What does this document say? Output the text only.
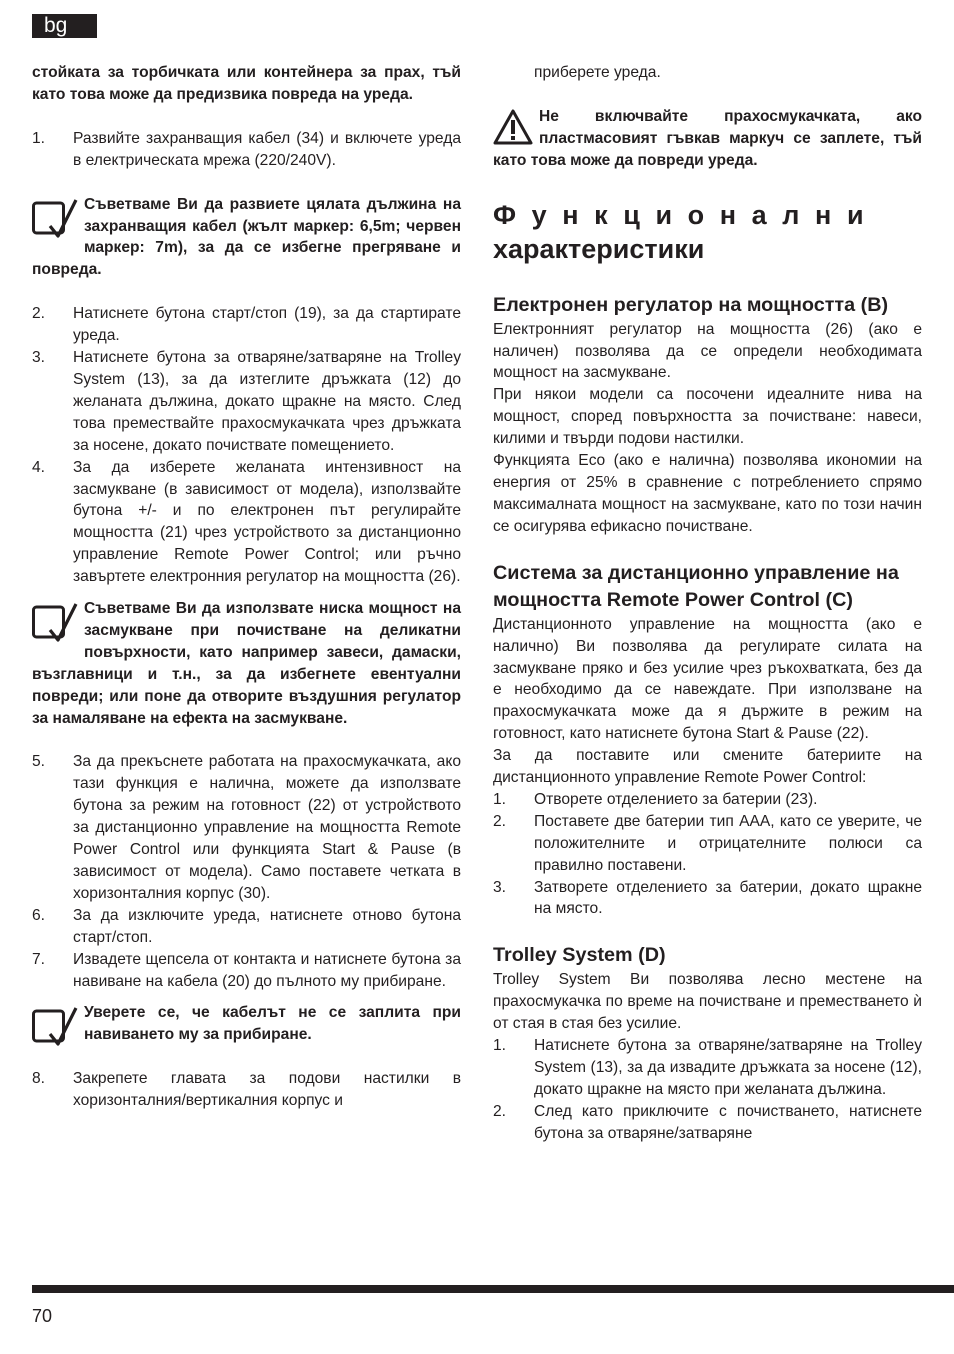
bg

стойката за торбичката или контейнера за прах, тъй като това може да предизвика повреда на уреда.

1. Развийте захранващия кабел (34) и включете уреда в електрическата мрежа (220/240V).
Съветваме Ви да развиете цялата дължина на захранващия кабел (жълт маркер: 6,5m; червен маркер: 7m), за да се избегне прегряване и повреда.
2. Натиснете бутона старт/стоп (19), за да стартирате уреда.
3. Натиснете бутона за отваряне/затваряне на Trolley System (13), за да изтеглите дръжката (12) до желаната дължина, докато щракне на място. След това премествайте прахосмукачката чрез дръжката за носене, докато почиствате помещението.
4. За да изберете желаната интензивност на засмукване (в зависимост от модела), използвайте бутона +/- и по електронен път регулирайте мощността (21) чрез устройството за дистанционно управление Remote Power Control; или ръчно завъртете електронния регулатор на мощността (26).
Съветваме Ви да използвате ниска мощност на засмукване при почистване на деликатни повърхности, като например завеси, дамаски, възглавници и т.н., за да избегнете евентуални повреди; или поне да отворите въздушния регулатор за намаляване на ефекта на засмукване.
5. За да прекъснете работата на прахосмукачката, ако тази функция е налична, можете да използвате бутона за режим на готовност (22) от устройството за дистанционно управление на мощността Remote Power Control или функцията Start & Pause (в зависимост от модела). Само поставете четката в хоризонталния корпус (30).
6. За да изключите уреда, натиснете отново бутона старт/стоп.
7. Извадете щепсела от контакта и натиснете бутона за навиване на кабела (20) до пълното му прибиране.
Уверете се, че кабелът не се заплита при навиването му за прибиране.
8. Закрепете главата за подови настилки в хоризонталния/вертикалния корпус и

приберете уреда.

Не включвайте прахосмукачката, ако пластмасовият гъвкав маркуч се заплете, тъй като това може да повреди уреда.
Функционални
характеристики
Електронен регулатор на мощността (B)

Електронният регулатор на мощността (26) (ако е наличен) позволява да се определи необходимата мощност на засмукване.

При някои модели са посочени идеалните нива на мощност, според повърхността за почистване: навеси, килими и твърди подови настилки.

Функцията Eco (ако е налична) позволява икономии на енергия от 25% в сравнение с потреблението спрямо максималната мощност на засмукване, като по този начин се осигурява ефикасно почистване.

Система за дистанционно управление на мощността Remote Power Control (C)

Дистанционното управление на мощността (ако е налично) Ви позволява да регулирате силата на засмукване пряко и без усилие чрез ръкохватката, без да е необходимо да се навеждате. При използване на прахосмукачката може да я държите в режим на готовност, като натиснете бутона Start & Pause (22).

За да поставите или смените батериите на дистанционното управление Remote Power Control:

1. Отворете отделението за батерии (23).
2. Поставете две батерии тип AAA, като се уверите, че положителните и отрицателните полюси са правилно поставени.
3. Затворете отделението за батерии, докато щракне на място.
Trolley System (D)

Trolley System Ви позволява лесно местене на прахосмукачка по време на почистване и преместването ѝ от стая в стая без усилие.

1. Натиснете бутона за отваряне/затваряне на Trolley System (13), за да извадите дръжката за носене (12), докато щракне на място при желаната дължина.
2. След като приключите с почистването, натиснете бутона за отваряне/затваряне
70
